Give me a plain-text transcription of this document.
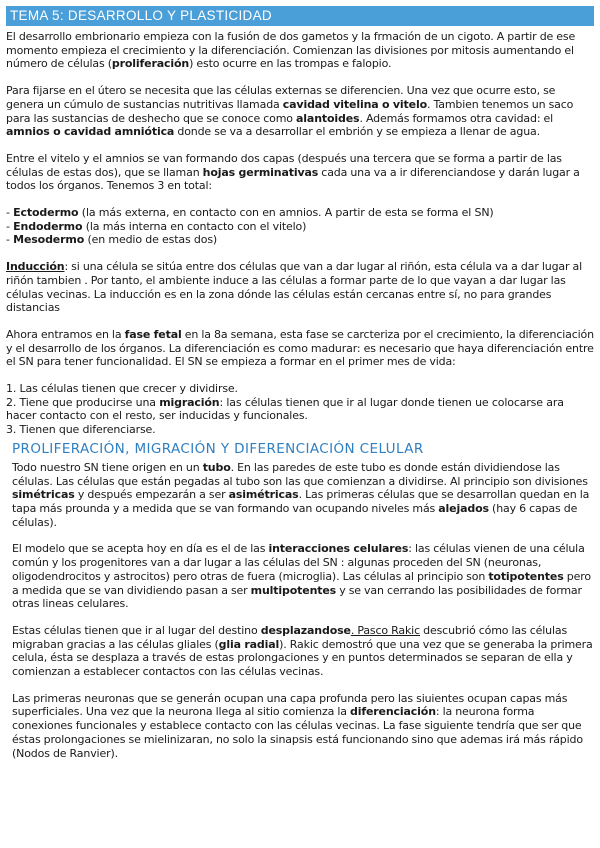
TEMA 5: DESARROLLO Y PLASTICIDAD

El desarrollo embrionario empieza con la fusión de dos gametos y la frmación de un cigoto. A partir de ese momento empieza el crecimiento y la diferenciación. Comienzan las divisiones por mitosis aumentando el número de células (proliferación) esto ocurre en las trompas e falopio.

Para fijarse en el útero se necesita que las células externas se diferencien. Una vez que ocurre esto, se genera un cúmulo de sustancias nutritivas llamada cavidad vitelina o vitelo. Tambien tenemos un saco para las sustancias de deshecho que se conoce como alantoides. Además formamos otra cavidad: el amnios o cavidad amniótica donde se va a desarrollar el embrión y se empieza a llenar de agua.

Entre el vitelo y el amnios se van formando dos capas (después una tercera que se forma a partir de las células de estas dos), que se llaman hojas germinativas cada una va a ir diferenciandose y darán lugar a todos los órganos. Tenemos 3 en total:

- Ectodermo (la más externa, en contacto con en amnios. A partir de esta se forma el SN)
- Endodermo (la más interna en contacto con el vitelo)
- Mesodermo (en medio de estas dos)

Inducción: si una célula se sitúa entre dos células que van a dar lugar al riñón, esta célula va a dar lugar al riñón tambien . Por tanto, el ambiente induce a las células a formar parte de lo que vayan a dar lugar las células vecinas. La inducción es en la zona dónde las células están cercanas entre sí, no para grandes distancias

Ahora entramos en la fase fetal en la 8a semana, esta fase se carcteriza por el crecimiento, la diferenciación y el desarrollo de los órganos. La diferenciación es como madurar: es necesario que haya diferenciación entre el SN para tener funcionalidad. El SN se empieza a formar en el primer mes de vida:

1. Las células tienen que crecer y dividirse.
2. Tiene que producirse una migración: las células tienen que ir al lugar donde tienen ue colocarse ara hacer contacto con el resto, ser inducidas y funcionales.
3. Tienen que diferenciarse.
PROLIFERACIÓN, MIGRACIÓN Y DIFERENCIACIÓN CELULAR

Todo nuestro SN tiene origen en un tubo. En las paredes de este tubo es donde están dividiendose las células. Las células que están pegadas al tubo son las que comienzan a dividirse. Al principio son divisiones simétricas y después empezarán a ser asimétricas. Las primeras células que se desarrollan quedan en la tapa más prounda y a medida que se van formando van ocupando niveles más alejados (hay 6 capas de células).

El modelo que se acepta hoy en día es el de las interacciones celulares: las células vienen de una célula común y los progenitores van a dar lugar a las células del SN : algunas proceden del SN (neuronas, oligodendrocitos y astrocitos) pero otras de fuera (microglia). Las células al principio son totipotentes pero a medida que se van dividiendo pasan a ser multipotentes y se van cerrando las posibilidades de formar otras lineas celulares.

Estas células tienen que ir al lugar del destino desplazandose. Pasco Rakic descubrió cómo las células migraban gracias a las células gliales (glia radial). Rakic demostró que una vez que se generaba la primera celula, ésta se desplaza a través de estas prolongaciones y en puntos determinados se separan de ella y comienzan a establecer contactos con las células vecinas.

Las primeras neuronas que se generán ocupan una capa profunda pero las siuientes ocupan capas más superficiales. Una vez que la neurona llega al sitio comienza la diferenciación: la neurona forma conexiones funcionales y establece contacto con las células vecinas. La fase siguiente tendría que ser que éstas prolongaciones se mielinizaran, no solo la sinapsis está funcionando sino que ademas irá más rápido (Nodos de Ranvier).
